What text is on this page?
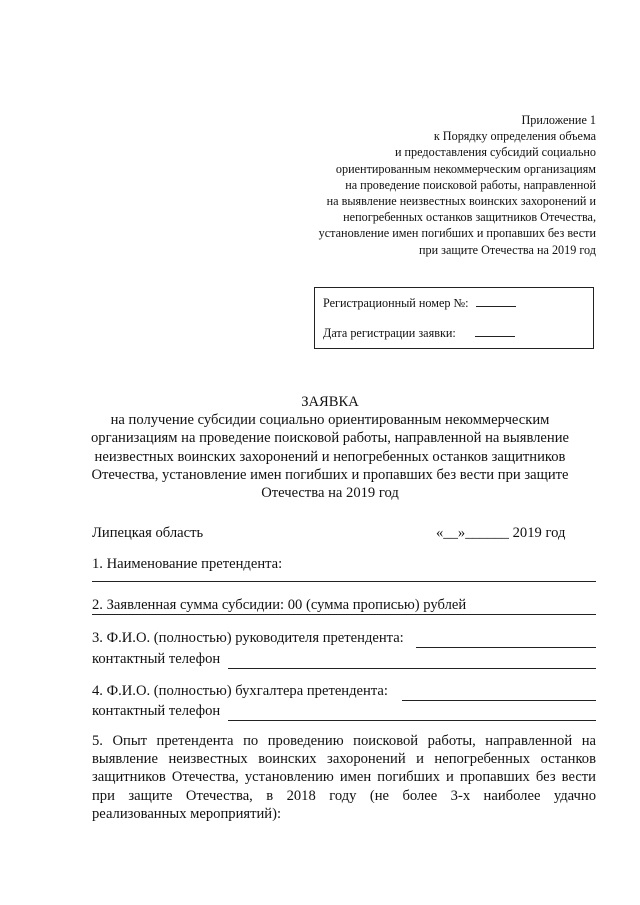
Приложение 1
к Порядку определения объема
и предоставления субсидий социально
ориентированным некоммерческим организациям
на проведение поисковой работы, направленной
на выявление неизвестных воинских захоронений и
непогребенных останков защитников Отечества,
установление имен погибших и пропавших без вести
при защите Отечества на 2019 год
Регистрационный номер №:
Дата регистрации заявки:
ЗАЯВКА
на получение субсидии социально ориентированным некоммерческим
организациям на проведение поисковой работы, направленной на выявление
неизвестных воинских захоронений и непогребенных останков защитников
Отечества, установление имен погибших и пропавших без вести при защите
Отечества на 2019 год
Липецкая область	«__»______ 2019 год
1. Наименование претендента:
2. Заявленная сумма субсидии: 00 (сумма прописью) рублей
3. Ф.И.О. (полностью) руководителя претендента:
контактный телефон
4. Ф.И.О. (полностью) бухгалтера претендента:
контактный телефон
5. Опыт претендента по проведению поисковой работы, направленной на
выявление неизвестных воинских захоронений и непогребенных останков
защитников Отечества, установлению имен погибших и пропавших без вести
при защите Отечества, в 2018 году (не более 3-х наиболее удачно
реализованных мероприятий):
